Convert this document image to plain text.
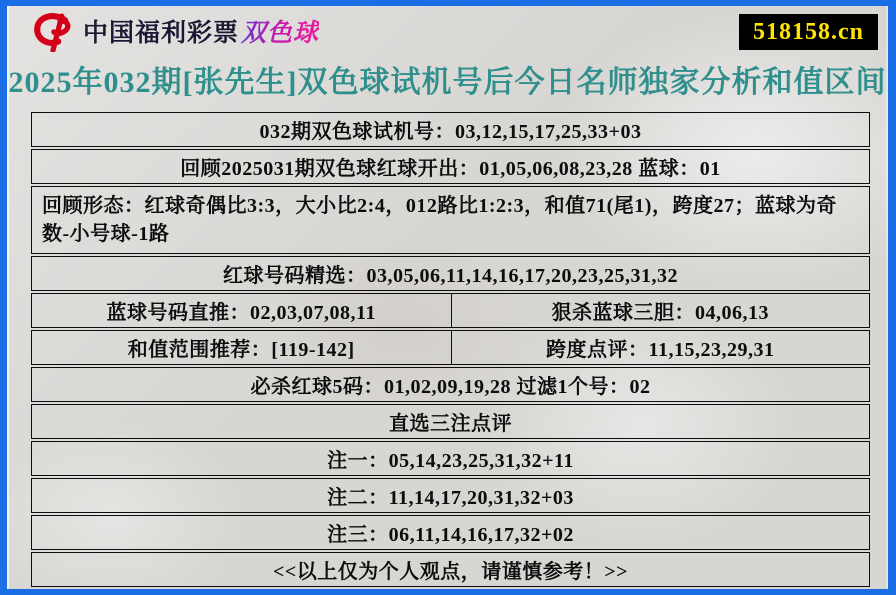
中国福利彩票 双色球	518158.cn
2025年032期[张先生]双色球试机号后今日名师独家分析和值区间
032期双色球试机号：03,12,15,17,25,33+03
回顾2025031期双色球红球开出：01,05,06,08,23,28 蓝球：01
回顾形态：红球奇偶比3:3，大小比2:4，012路比1:2:3，和值71(尾1)，跨度27；蓝球为奇数-小号球-1路
红球号码精选：03,05,06,11,14,16,17,20,23,25,31,32
蓝球号码直推：02,03,07,08,11	狠杀蓝球三胆：04,06,13
和值范围推荐：[119-142]	跨度点评：11,15,23,29,31
必杀红球5码：01,02,09,19,28 过滤1个号：02
直选三注点评
注一：05,14,23,25,31,32+11
注二：11,14,17,20,31,32+03
注三：06,11,14,16,17,32+02
<<以上仅为个人观点，请谨慎参考！>>
